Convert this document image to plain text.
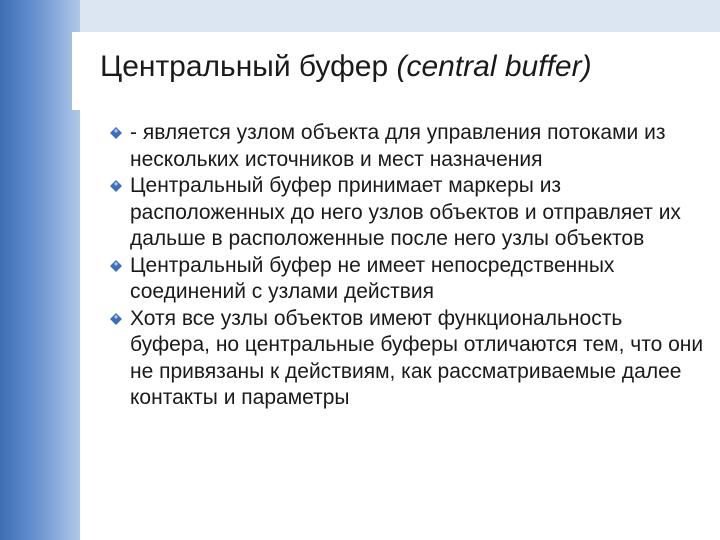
Центральный буфер (central buffer)
- является узлом объекта для управления потоками из нескольких источников и мест назначения
Центральный буфер принимает маркеры из расположенных до него узлов объектов и отправляет их дальше в расположенные после него узлы объектов
Центральный буфер не имеет непосредственных соединений с узлами действия
Хотя все узлы объектов имеют функциональность буфера, но центральные буферы отличаются тем, что они не привязаны к действиям, как рассматриваемые далее контакты и параметры
